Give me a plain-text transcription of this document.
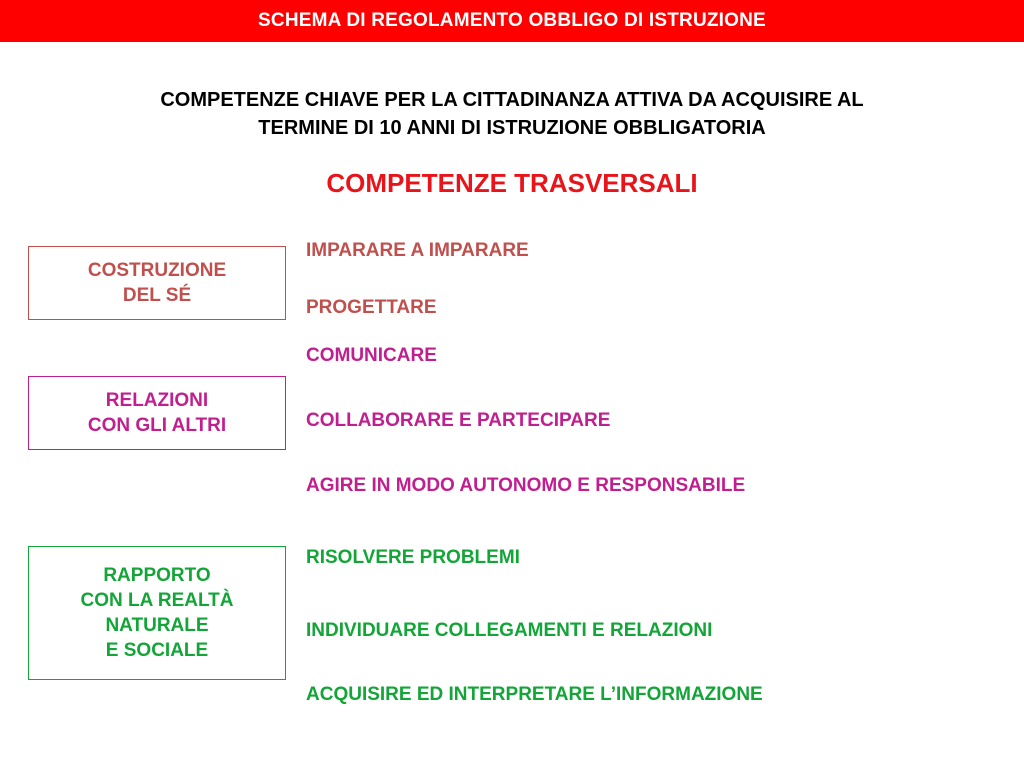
SCHEMA DI REGOLAMENTO OBBLIGO DI ISTRUZIONE
COMPETENZE CHIAVE PER LA CITTADINANZA ATTIVA DA ACQUISIRE AL
TERMINE DI 10 ANNI DI ISTRUZIONE OBBLIGATORIA
COMPETENZE TRASVERSALI
COSTRUZIONE
DEL SÉ
RELAZIONI
CON GLI ALTRI
RAPPORTO
CON LA REALTÀ
NATURALE
E SOCIALE
IMPARARE A IMPARARE
PROGETTARE
COMUNICARE
COLLABORARE E PARTECIPARE
AGIRE IN MODO AUTONOMO E RESPONSABILE
RISOLVERE PROBLEMI
INDIVIDUARE COLLEGAMENTI E RELAZIONI
ACQUISIRE ED INTERPRETARE L’INFORMAZIONE
